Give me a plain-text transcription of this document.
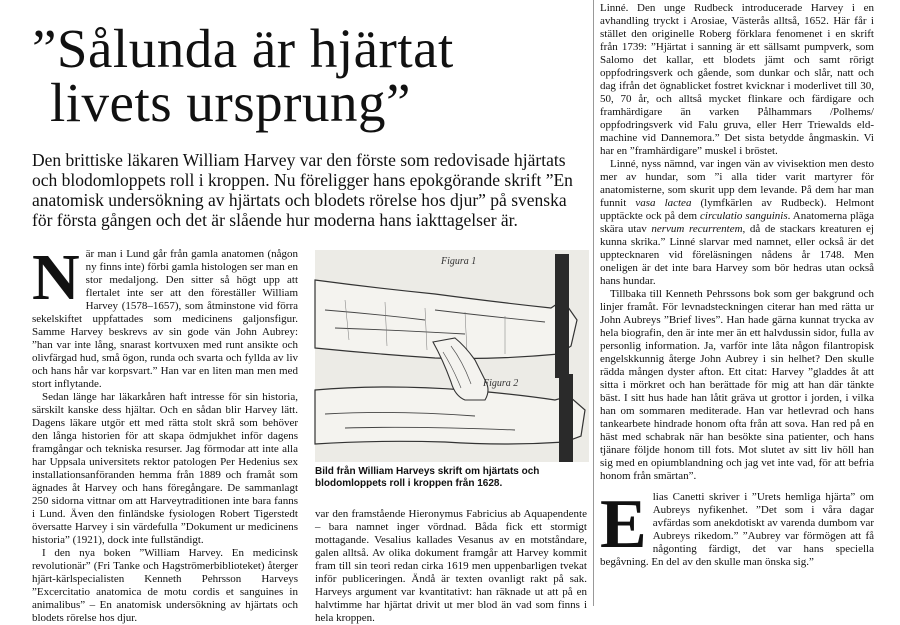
”Sålunda är hjärtat
livets ursprung”

Den brittiske läkaren William Harvey var den förste som redovisade hjärtats och blodomloppets roll i kroppen. Nu föreligger hans epokgörande skrift ”En anatomisk undersökning av hjärtats och blodets rörelse hos djur” på svenska för första gången och det är slående hur moderna hans iakttagelser är.

När man i Lund går från gamla anatomen (någon ny finns inte) förbi gamla histologen ser man en stor medaljong. Den sitter så högt upp att flertalet inte ser att den föreställer William Harvey (1578–1657), som åtminstone vid förra sekelskiftet uppfattades som medicinens galjonsfigur. Samme Harvey beskrevs av sin gode vän John Aubrey: ”han var inte lång, snarast kortvuxen med runt ansikte och olivfärgad hud, små ögon, runda och svarta och fyllda av liv och hans hår var korpsvart.” Han var en liten man men med stort inflytande.

Sedan länge har läkarkåren haft intresse för sin historia, särskilt kanske dess hjältar. Och en sådan blir Harvey lätt. Dagens läkare utgör ett med rätta stolt skrå som behöver den långa historien för att skapa ödmjukhet inför dagens framgångar och tekniska resurser. Jag förmodar att inte alla har Uppsala universitets rektor patologen Per Hedenius sex installationsanföranden hemma från 1889 och framåt som ägnades åt Harvey och hans föregångare. De sammanlagt 250 sidorna vittnar om att Harveytraditionen inte bara fanns i Lund. Även den finländske fysiologen Robert Tigerstedt översatte Harvey i sin värdefulla ”Dokument ur medicinens historia” (1921), dock inte fullständigt.

I den nya boken ”William Harvey. En medicinsk revolutionär” (Fri Tanke och Hagströmerbiblioteket) återger hjärt-kärlspecialisten Kenneth Pehrsson Harveys ”Excercitatio anatomica de motu cordis et sanguines in animalibus” – En anatomisk undersökning av hjärtats och blodets rörelse hos djur.

Figura 1
Figura 2

Bild från William Harveys skrift om hjärtats och blodomloppets roll i kroppen från 1628.

var den framstående Hieronymus Fabricius ab Aquapendente – bara namnet inger vördnad. Båda fick ett stormigt mottagande. Vesalius kallades Vesanus av en motståndare, galen alltså. Av olika dokument framgår att Harvey kommit fram till sin teori redan cirka 1619 men uppenbarligen tvekat inför publiceringen. Ändå är texten ovanligt rakt på sak. Harveys argument var kvantitativt: han räknade ut att på en halvtimme har hjärtat drivit ut mer blod än vad som finns i hela kroppen.

Linné. Den unge Rudbeck introducerade Harvey i en avhandling tryckt i Arosiae, Västerås alltså, 1652. Här får i stället den originelle Roberg förklara fenomenet i en skrift från 1739: ”Hjärtat i sanning är ett sällsamt pumpverk, som Salomo det kallar, ett blodets jämt och samt rörigt oppfodringsverk och gående, som dunkar och slår, natt och dag ifrån det ögnablicket fostret kvicknar i moderlivet till 30, 50, 70 år, och alltså mycket flinkare och färdigare och framhärdigare än varken Pålhammars /Polhems/ oppfodringsverk vid Falu gruva, eller Herr Triewalds eld-machine vid Dannemora.” Det sista betydde ångmaskin. Vi har en ”framhärdigare” muskel i bröstet.

Linné, nyss nämnd, var ingen vän av vivisektion men desto mer av hundar, som ”i alla tider varit martyrer för anatomisterne, som skurit upp dem levande. På dem har man funnit vasa lactea (lymfkärlen av Rudbeck). Helmont upptäckte ock på dem circulatio sanguinis. Anatomerna pläga skära utav nervum recurrentem, då de stackars kreaturen ej kunna skrika.” Linné slarvar med namnet, eller också är det upptecknaren vid föreläsningen nådens år 1748. Men oneligen är det inte bara Harvey som bör hedras utan också hans hundar.

Tillbaka till Kenneth Pehrssons bok som ger bakgrund och linjer framåt. För levnadsteckningen citerar han med rätta ur John Aubreys ”Brief lives”. Han hade gärna kunnat trycka av hela biografin, den är inte mer än ett halvdussin sidor, fulla av personlig information. Ja, varför inte låta någon filantropisk engelskkunnig återge John Aubrey i sin helhet? Den skulle rädda mången dyster afton. Ett citat: Harvey ”gladdes åt att sitta i mörkret och han berättade för mig att han där tänkte bäst. I sitt hus hade han låtit gräva ut grottor i jorden, i vilka han om sommaren mediterade. Han var hetlevrad och hans tankearbete hindrade honom ofta från att sova. Han red på en häst med schabrak när han besökte sina patienter, och hans tjänare följde honom till fots. Mot slutet av sitt liv höll han sig med en opiumblandning och jag vet inte vad, för att befria honom från smärtan”.

Elias Canetti skriver i ”Urets hemliga hjärta” om Aubreys nyfikenhet. ”Det som i våra dagar avfärdas som anekdotiskt av varenda dumbom var Aubreys rikedom.” ”Aubrey var förmögen att få någonting färdigt, det var hans speciella begåvning. En del av den skulle man önska sig.”
